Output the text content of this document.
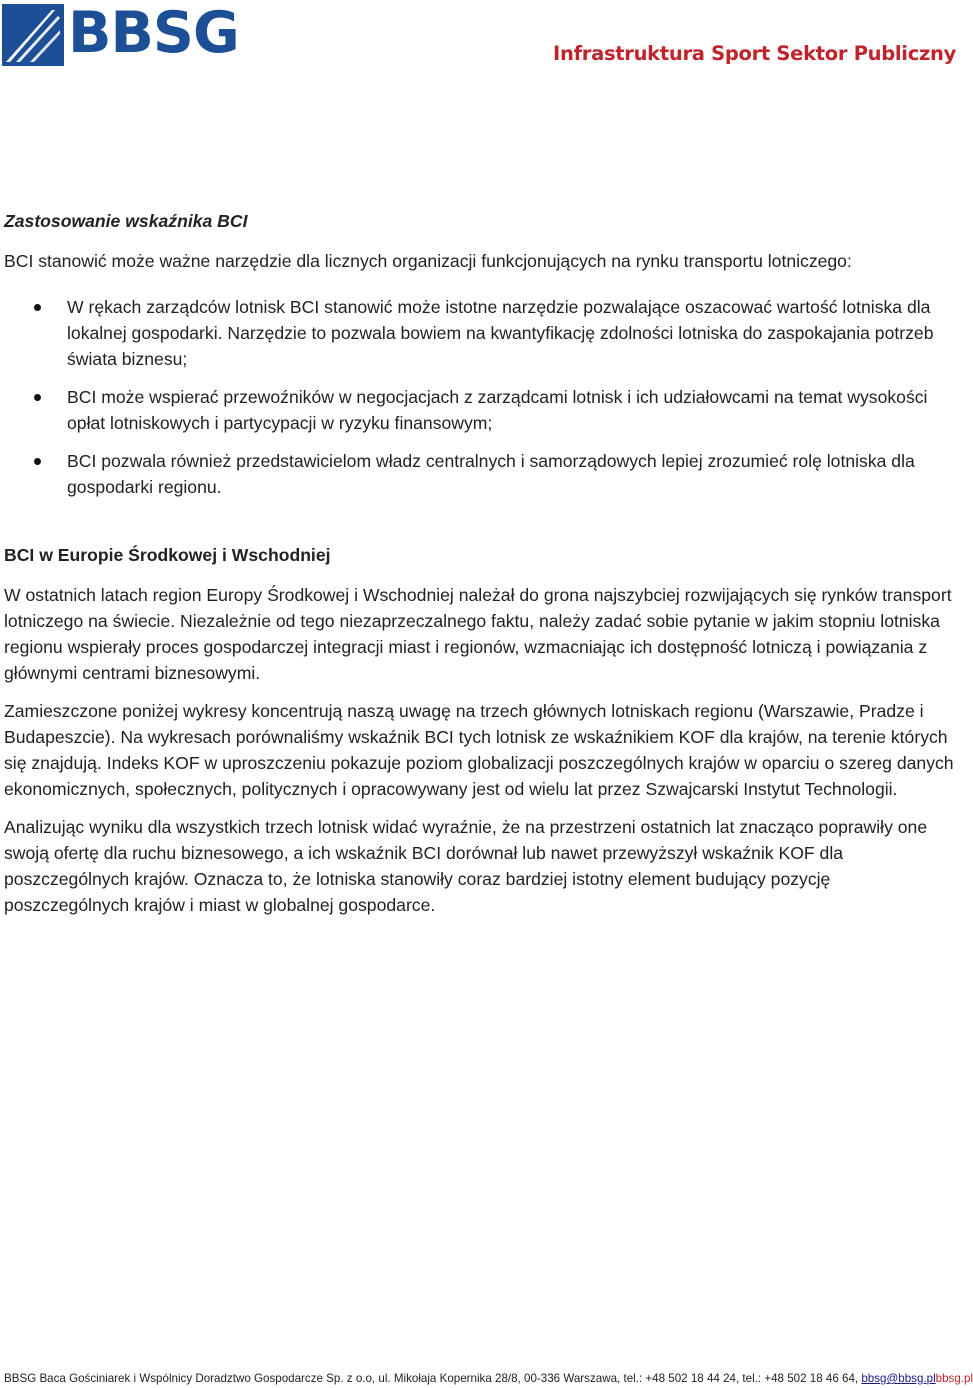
BBSG	Infrastruktura Sport Sektor Publiczny
Zastosowanie wskaźnika BCI

BCI stanowić może ważne narzędzie dla licznych organizacji funkcjonujących na rynku transportu lotniczego:

W rękach zarządców lotnisk BCI stanowić może istotne narzędzie pozwalające oszacować wartość lotniska dla lokalnej gospodarki. Narzędzie to pozwala bowiem na kwantyfikację zdolności lotniska do zaspokajania potrzeb świata biznesu;
BCI może wspierać przewoźników w negocjacjach z zarządcami lotnisk i ich udziałowcami na temat wysokości opłat lotniskowych i partycypacji w ryzyku finansowym;
BCI pozwala również przedstawicielom władz centralnych i samorządowych lepiej zrozumieć rolę lotniska dla gospodarki regionu.
BCI w Europie Środkowej i Wschodniej

W ostatnich latach region Europy Środkowej i Wschodniej należał do grona najszybciej rozwijających się rynków transport lotniczego na świecie. Niezależnie od tego niezaprzeczalnego faktu, należy zadać sobie pytanie w jakim stopniu lotniska regionu wspierały proces gospodarczej integracji miast i regionów, wzmacniając ich dostępność lotniczą i powiązania z głównymi centrami biznesowymi.

Zamieszczone poniżej wykresy koncentrują naszą uwagę na trzech głównych lotniskach regionu (Warszawie, Pradze i Budapeszcie). Na wykresach porównaliśmy wskaźnik BCI tych lotnisk ze wskaźnikiem KOF dla krajów, na terenie których się znajdują. Indeks KOF w uproszczeniu pokazuje poziom globalizacji poszczególnych krajów w oparciu o szereg danych ekonomicznych, społecznych, politycznych i opracowywany jest od wielu lat przez Szwajcarski Instytut Technologii.

Analizując wyniku dla wszystkich trzech lotnisk widać wyraźnie, że na przestrzeni ostatnich lat znacząco poprawiły one swoją ofertę dla ruchu biznesowego, a ich wskaźnik BCI dorównał lub nawet przewyższył wskaźnik KOF dla poszczególnych krajów. Oznacza to, że lotniska stanowiły coraz bardziej istotny element budujący pozycję poszczególnych krajów i miast w globalnej gospodarce.

BBSG Baca Gościniarek i Wspólnicy Doradztwo Gospodarcze Sp. z o.o, ul. Mikołaja Kopernika 28/8, 00-336 Warszawa, tel.: +48 502 18 44 24, tel.: +48 502 18 46 64, bbsg@bbsg.pl bbsg.pl
